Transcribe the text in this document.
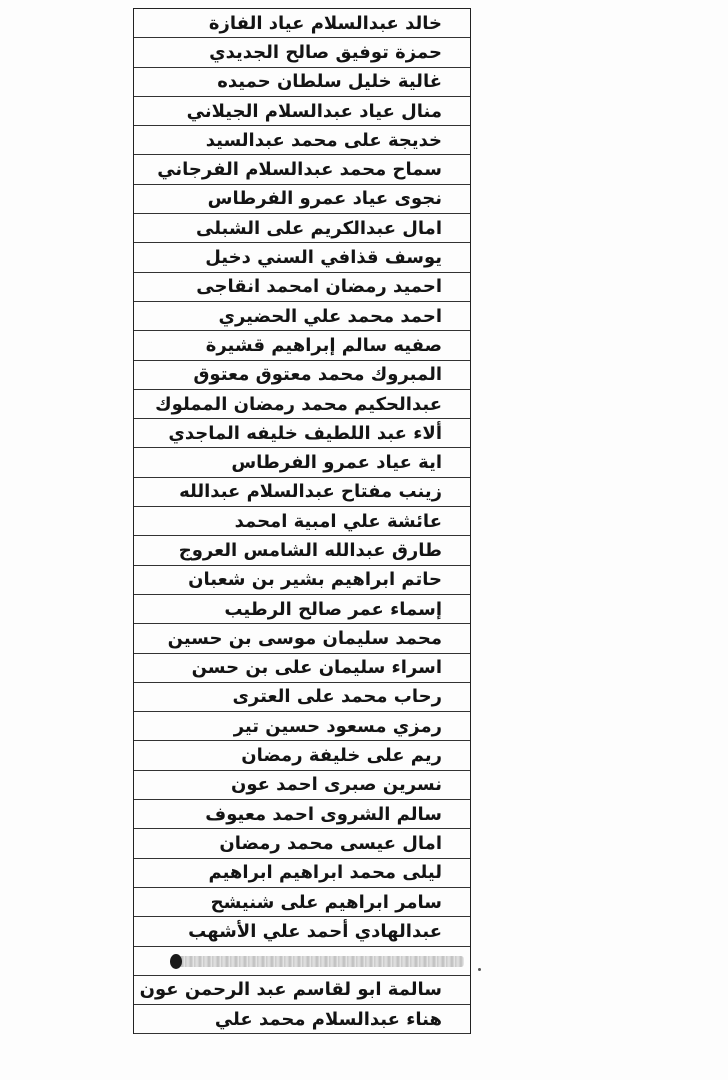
خالد عبدالسلام عياد الفازة
حمزة توفيق صالح الجديدي
غالية خليل سلطان حميده
منال عياد عبدالسلام الجيلاني
خديجة على محمد عبدالسيد
سماح محمد عبدالسلام الفرجاني
نجوى عياد عمرو الفرطاس
امال عبدالكريم على الشبلى
يوسف قذافي السني دخيل
احميد رمضان امحمد انقاجى
احمد محمد علي الحضيري
صفيه سالم إبراهيم قشيرة
المبروك محمد معتوق معتوق
عبدالحكيم محمد رمضان المملوك
ألاء عبد اللطيف خليفه الماجدي
اية عياد عمرو الفرطاس
زينب مفتاح عبدالسلام عبدالله
عائشة علي امبية امحمد
طارق عبدالله الشامس العروج
حاتم ابراهيم بشير بن شعبان
إسماء عمر صالح الرطيب
محمد سليمان موسى بن حسين
اسراء سليمان على بن حسن
رحاب محمد على العترى
رمزي مسعود حسين تير
ريم على خليفة رمضان
نسرين صبرى احمد عون
سالم الشروى احمد معيوف
امال عيسى محمد رمضان
ليلى محمد ابراهيم ابراهيم
سامر ابراهيم على شنيشح
عبدالهادي أحمد علي الأشهب
سالمة ابو لقاسم عبد الرحمن عون
هناء عبدالسلام محمد علي
